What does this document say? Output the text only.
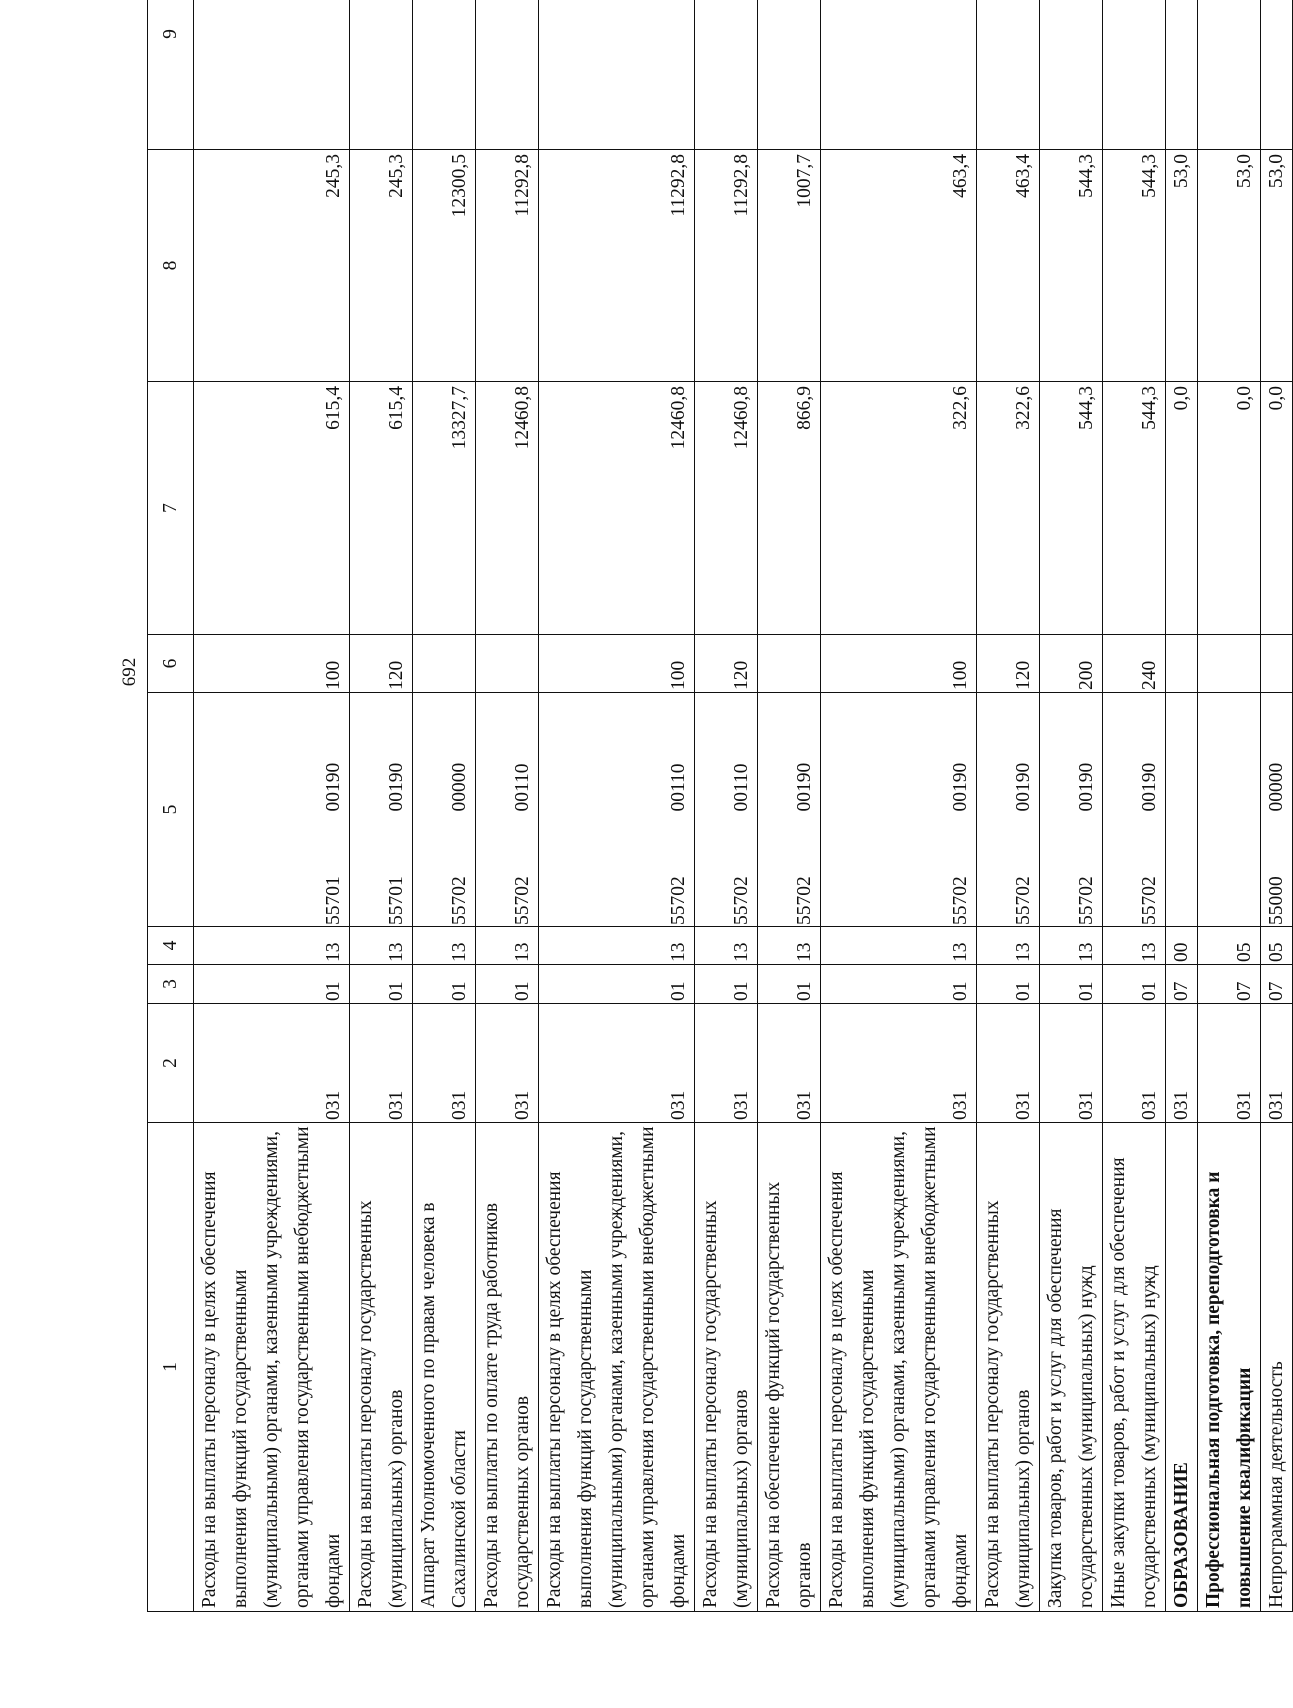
692
1	2	3	4	5		6	7	8	9
Расходы на выплаты персоналу в целях обеспечения выполнения функций государственными (муниципальными) органами, казенными учреждениями, органами управления государственными внебюджетными фондами	031	01	13	55701	00190	100	615,4	245,3	
Расходы на выплаты персоналу государственных (муниципальных) органов	031	01	13	55701	00190	120	615,4	245,3	
Аппарат Уполномоченного по правам человека в Сахалинской области	031	01	13	55702	00000		13327,7	12300,5	
Расходы на выплаты по оплате труда работников государственных органов	031	01	13	55702	00110		12460,8	11292,8	
Расходы на выплаты персоналу в целях обеспечения выполнения функций государственными (муниципальными) органами, казенными учреждениями, органами управления государственными внебюджетными фондами	031	01	13	55702	00110	100	12460,8	11292,8	
Расходы на выплаты персоналу государственных (муниципальных) органов	031	01	13	55702	00110	120	12460,8	11292,8	
Расходы на обеспечение функций государственных органов	031	01	13	55702	00190		866,9	1007,7	
Расходы на выплаты персоналу в целях обеспечения выполнения функций государственными (муниципальными) органами, казенными учреждениями, органами управления государственными внебюджетными фондами	031	01	13	55702	00190	100	322,6	463,4	
Расходы на выплаты персоналу государственных (муниципальных) органов	031	01	13	55702	00190	120	322,6	463,4	
Закупка товаров, работ и услуг для обеспечения государственных (муниципальных) нужд	031	01	13	55702	00190	200	544,3	544,3	
Иные закупки товаров, работ и услуг для обеспечения государственных (муниципальных) нужд	031	01	13	55702	00190	240	544,3	544,3	
ОБРАЗОВАНИЕ	031	07	00				0,0	53,0	
Профессиональная подготовка, переподготовка и повышение квалификации	031	07	05				0,0	53,0	
Непрограммная деятельность	031	07	05	55000	00000		0,0	53,0	
